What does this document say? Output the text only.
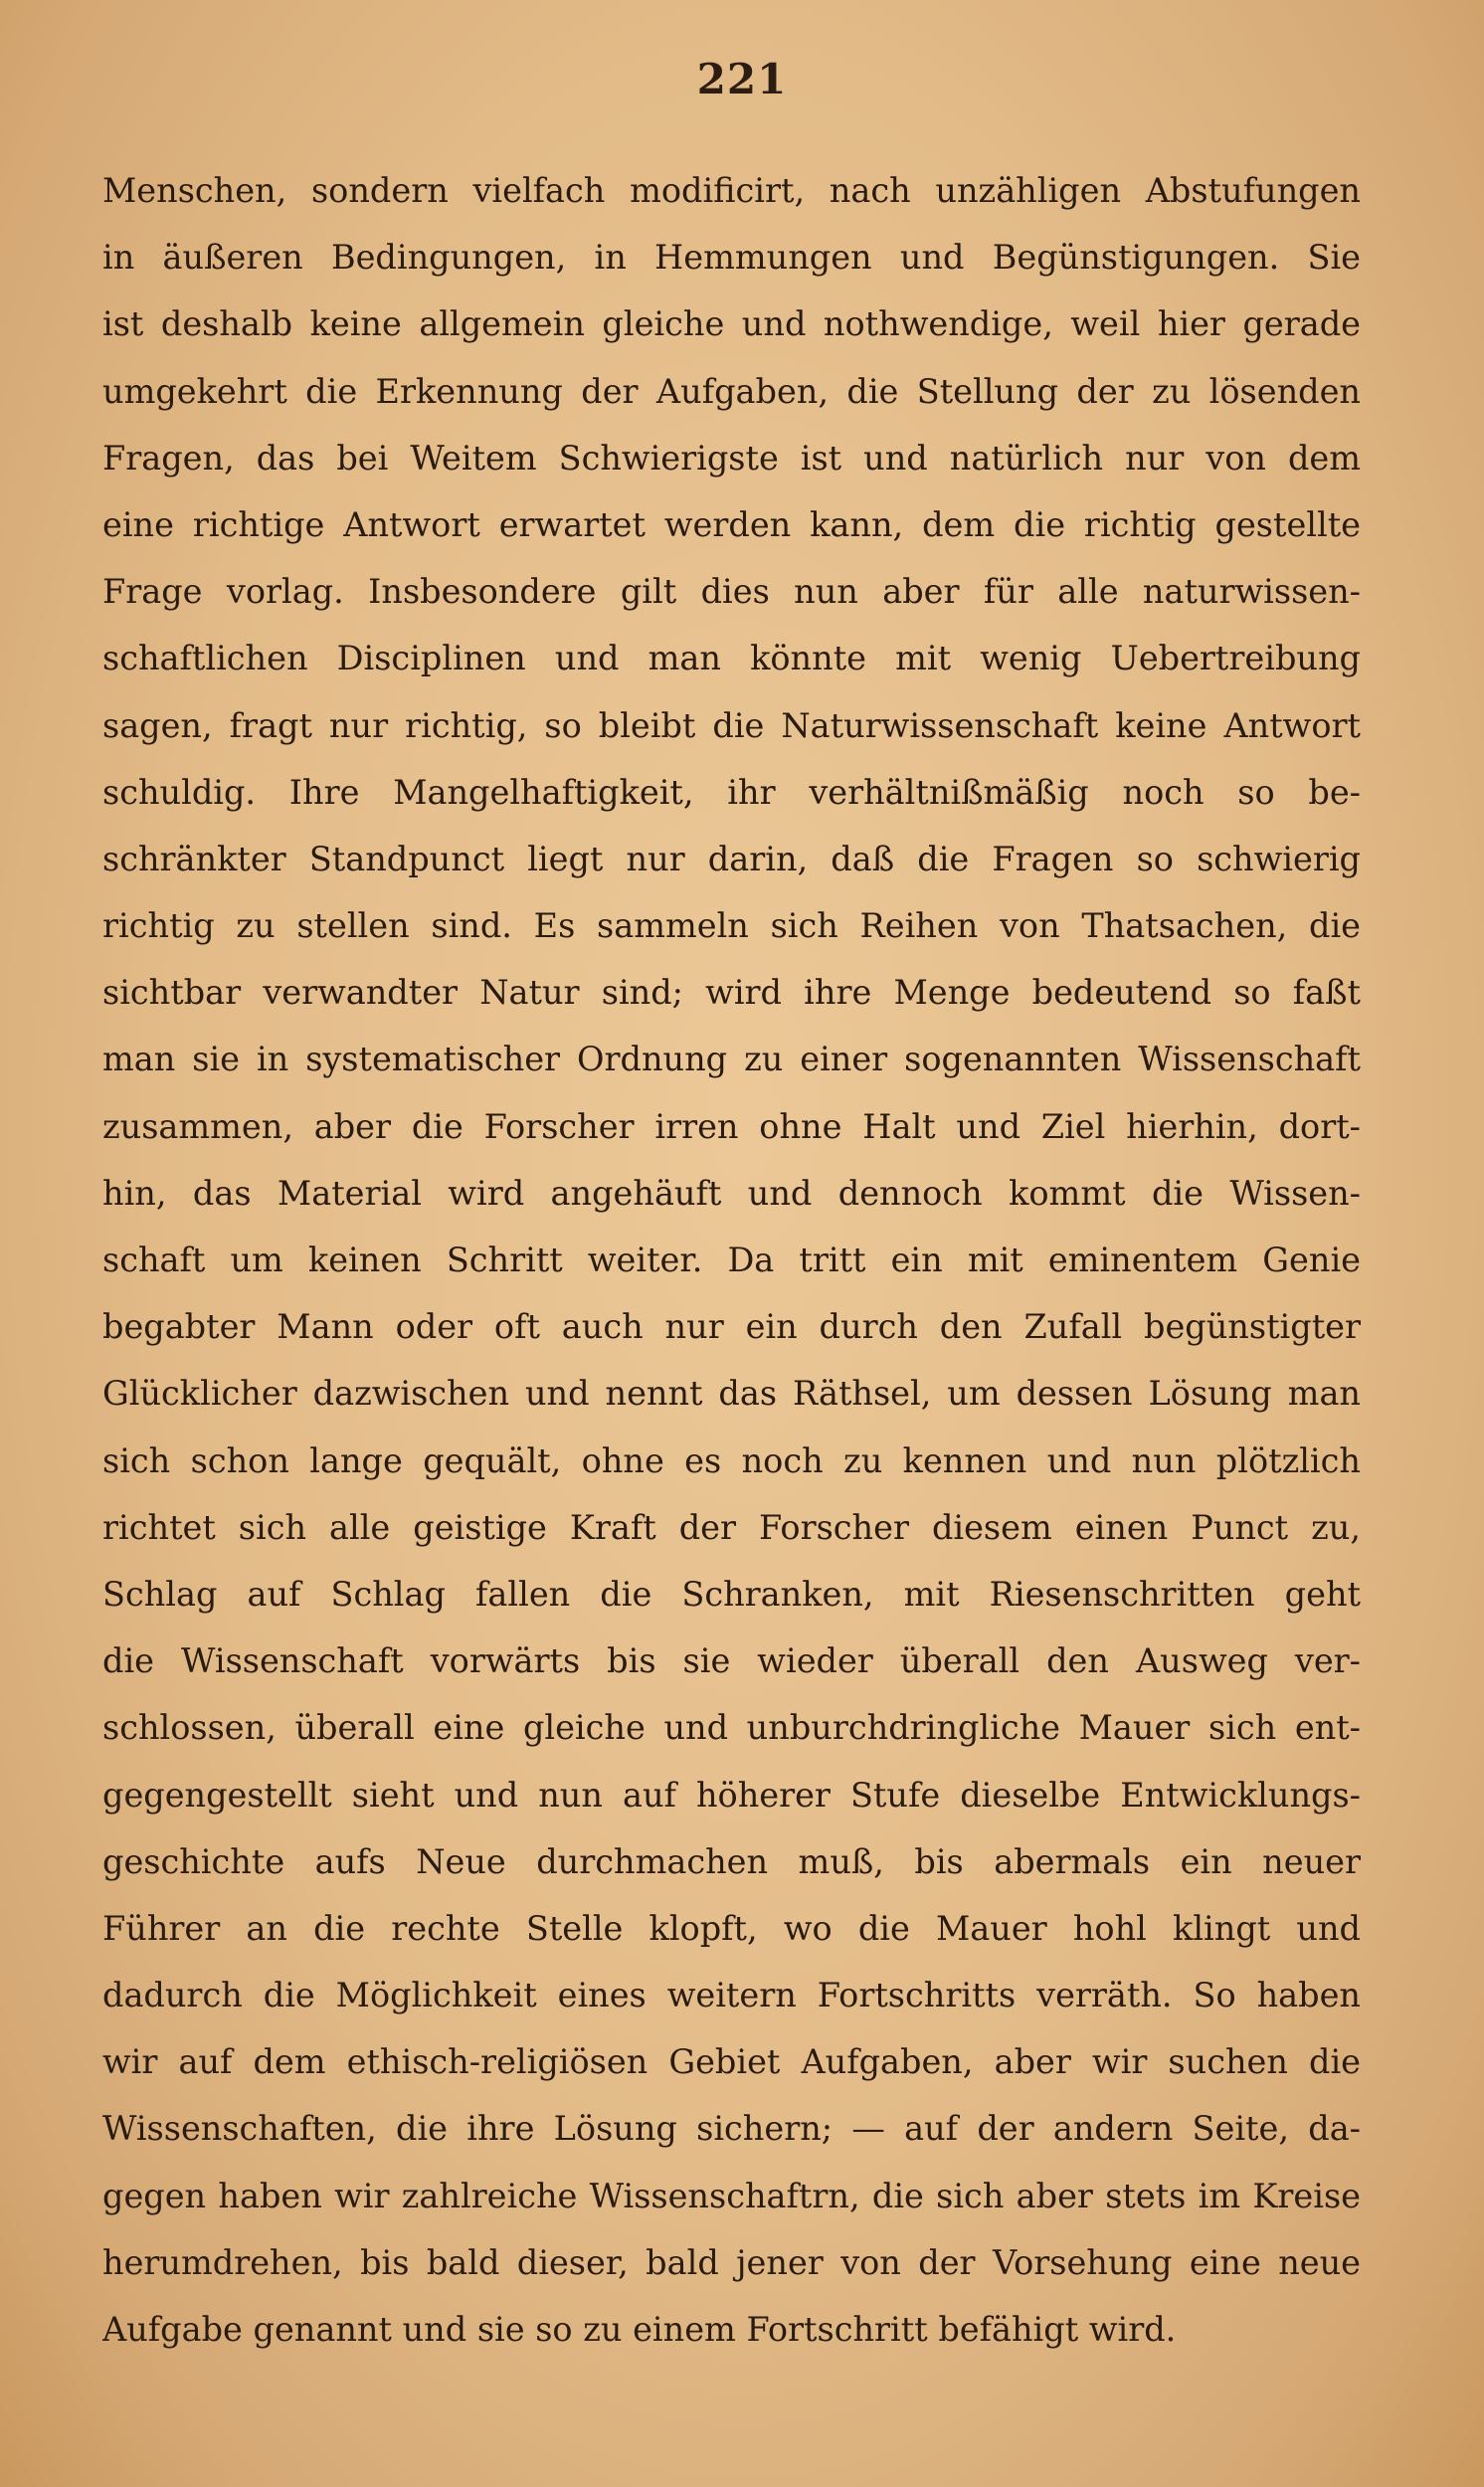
221
Menschen, sondern vielfach modificirt, nach unzähligen Abstufungen
in äußeren Bedingungen, in Hemmungen und Begünstigungen. Sie
ist deshalb keine allgemein gleiche und nothwendige, weil hier gerade
umgekehrt die Erkennung der Aufgaben, die Stellung der zu lösenden
Fragen, das bei Weitem Schwierigste ist und natürlich nur von dem
eine richtige Antwort erwartet werden kann, dem die richtig gestellte
Frage vorlag. Insbesondere gilt dies nun aber für alle naturwissen-
schaftlichen Disciplinen und man könnte mit wenig Uebertreibung
sagen, fragt nur richtig, so bleibt die Naturwissenschaft keine Antwort
schuldig. Ihre Mangelhaftigkeit, ihr verhältnißmäßig noch so be-
schränkter Standpunct liegt nur darin, daß die Fragen so schwierig
richtig zu stellen sind. Es sammeln sich Reihen von Thatsachen, die
sichtbar verwandter Natur sind; wird ihre Menge bedeutend so faßt
man sie in systematischer Ordnung zu einer sogenannten Wissenschaft
zusammen, aber die Forscher irren ohne Halt und Ziel hierhin, dort-
hin, das Material wird angehäuft und dennoch kommt die Wissen-
schaft um keinen Schritt weiter. Da tritt ein mit eminentem Genie
begabter Mann oder oft auch nur ein durch den Zufall begünstigter
Glücklicher dazwischen und nennt das Räthsel, um dessen Lösung man
sich schon lange gequält, ohne es noch zu kennen und nun plötzlich
richtet sich alle geistige Kraft der Forscher diesem einen Punct zu,
Schlag auf Schlag fallen die Schranken, mit Riesenschritten geht
die Wissenschaft vorwärts bis sie wieder überall den Ausweg ver-
schlossen, überall eine gleiche und unburchdringliche Mauer sich ent-
gegengestellt sieht und nun auf höherer Stufe dieselbe Entwicklungs-
geschichte aufs Neue durchmachen muß, bis abermals ein neuer
Führer an die rechte Stelle klopft, wo die Mauer hohl klingt und
dadurch die Möglichkeit eines weitern Fortschritts verräth. So haben
wir auf dem ethisch-religiösen Gebiet Aufgaben, aber wir suchen die
Wissenschaften, die ihre Lösung sichern; — auf der andern Seite, da-
gegen haben wir zahlreiche Wissenschaftrn, die sich aber stets im Kreise
herumdrehen, bis bald dieser, bald jener von der Vorsehung eine neue
Aufgabe genannt und sie so zu einem Fortschritt befähigt wird.
